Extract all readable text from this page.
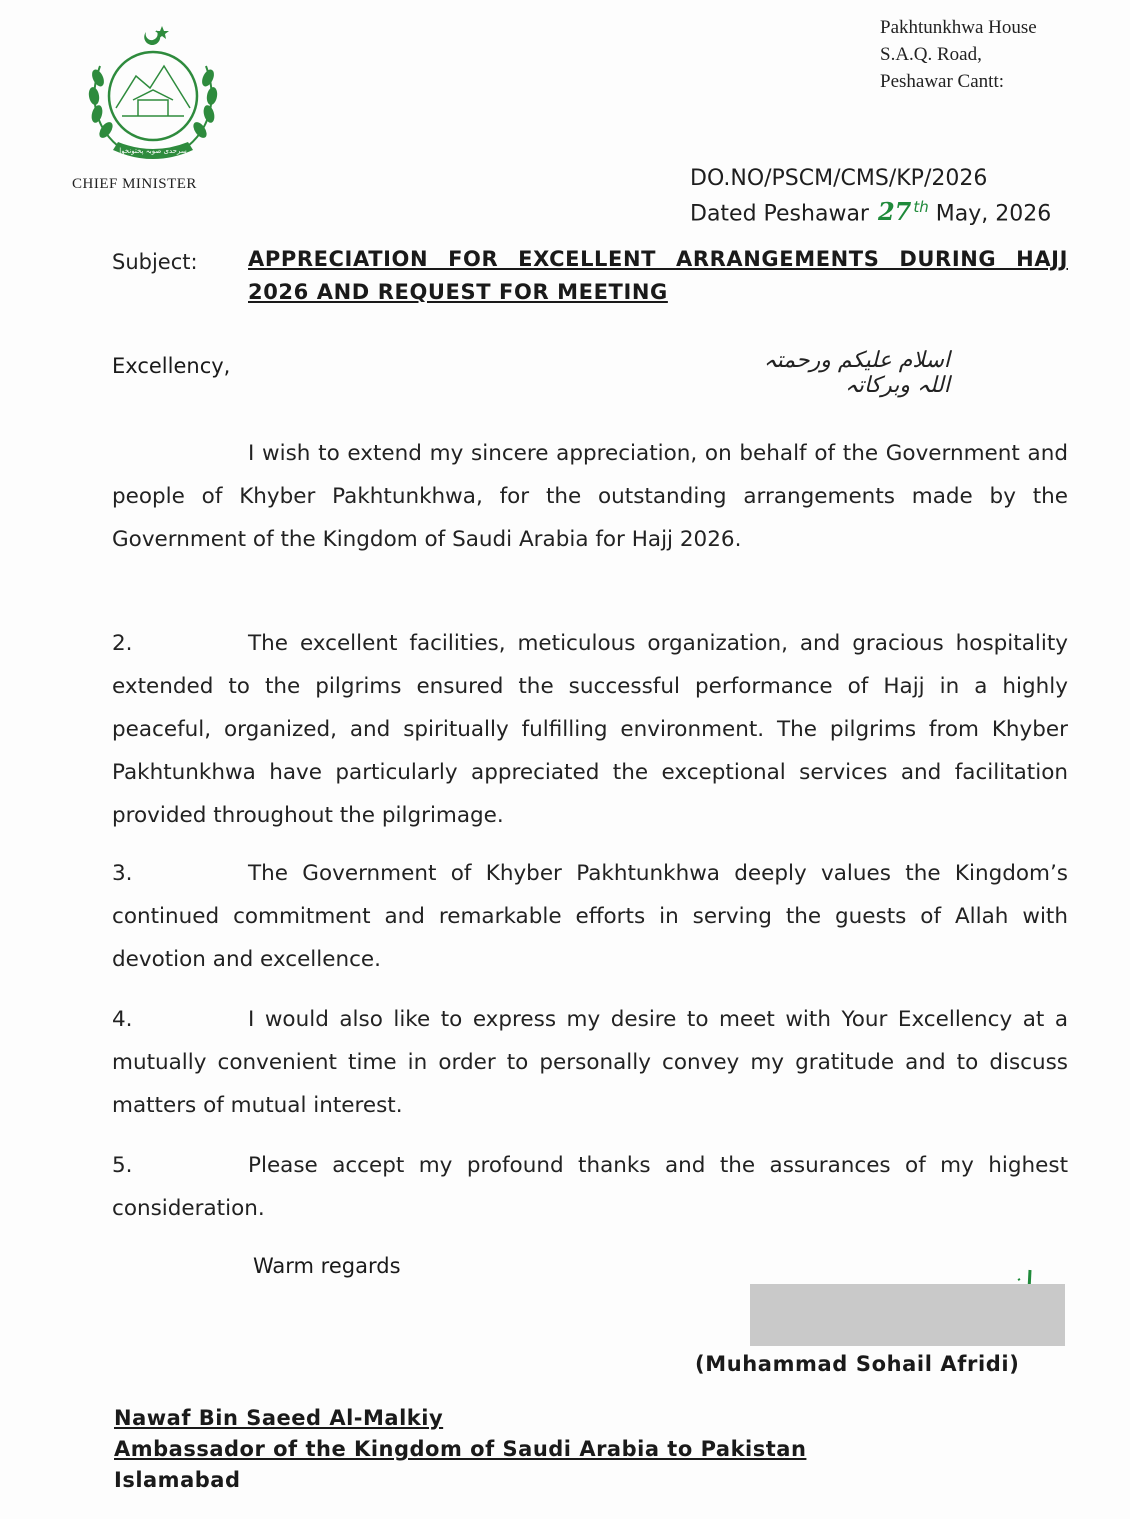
سرحدی صوبہ پختونخوا
CHIEF MINISTER
Pakhtunkhwa House
S.A.Q. Road,
Peshawar Cantt:
DO.NO/PSCM/CMS/KP/2026
Dated Peshawar 27 $^{th}$ May, 2026
Subject: APPRECIATION FOR EXCELLENT ARRANGEMENTS DURING HAJJ 2026 AND REQUEST FOR MEETING
Excellency,	اسلام علیکم ورحمتہ اللہ وبرکاتہ
I wish to extend my sincere appreciation, on behalf of the Government and people of Khyber Pakhtunkhwa, for the outstanding arrangements made by the Government of the Kingdom of Saudi Arabia for Hajj 2026.
2.	The excellent facilities, meticulous organization, and gracious hospitality extended to the pilgrims ensured the successful performance of Hajj in a highly peaceful, organized, and spiritually fulfilling environment. The pilgrims from Khyber Pakhtunkhwa have particularly appreciated the exceptional services and facilitation provided throughout the pilgrimage.
3.	The Government of Khyber Pakhtunkhwa deeply values the Kingdom’s continued commitment and remarkable efforts in serving the guests of Allah with devotion and excellence.
4.	I would also like to express my desire to meet with Your Excellency at a mutually convenient time in order to personally convey my gratitude and to discuss matters of mutual interest.
5.	Please accept my profound thanks and the assurances of my highest consideration.
Warm regards
(Muhammad Sohail Afridi)
Nawaf Bin Saeed Al-Malkiy
Ambassador of the Kingdom of Saudi Arabia to Pakistan
Islamabad
